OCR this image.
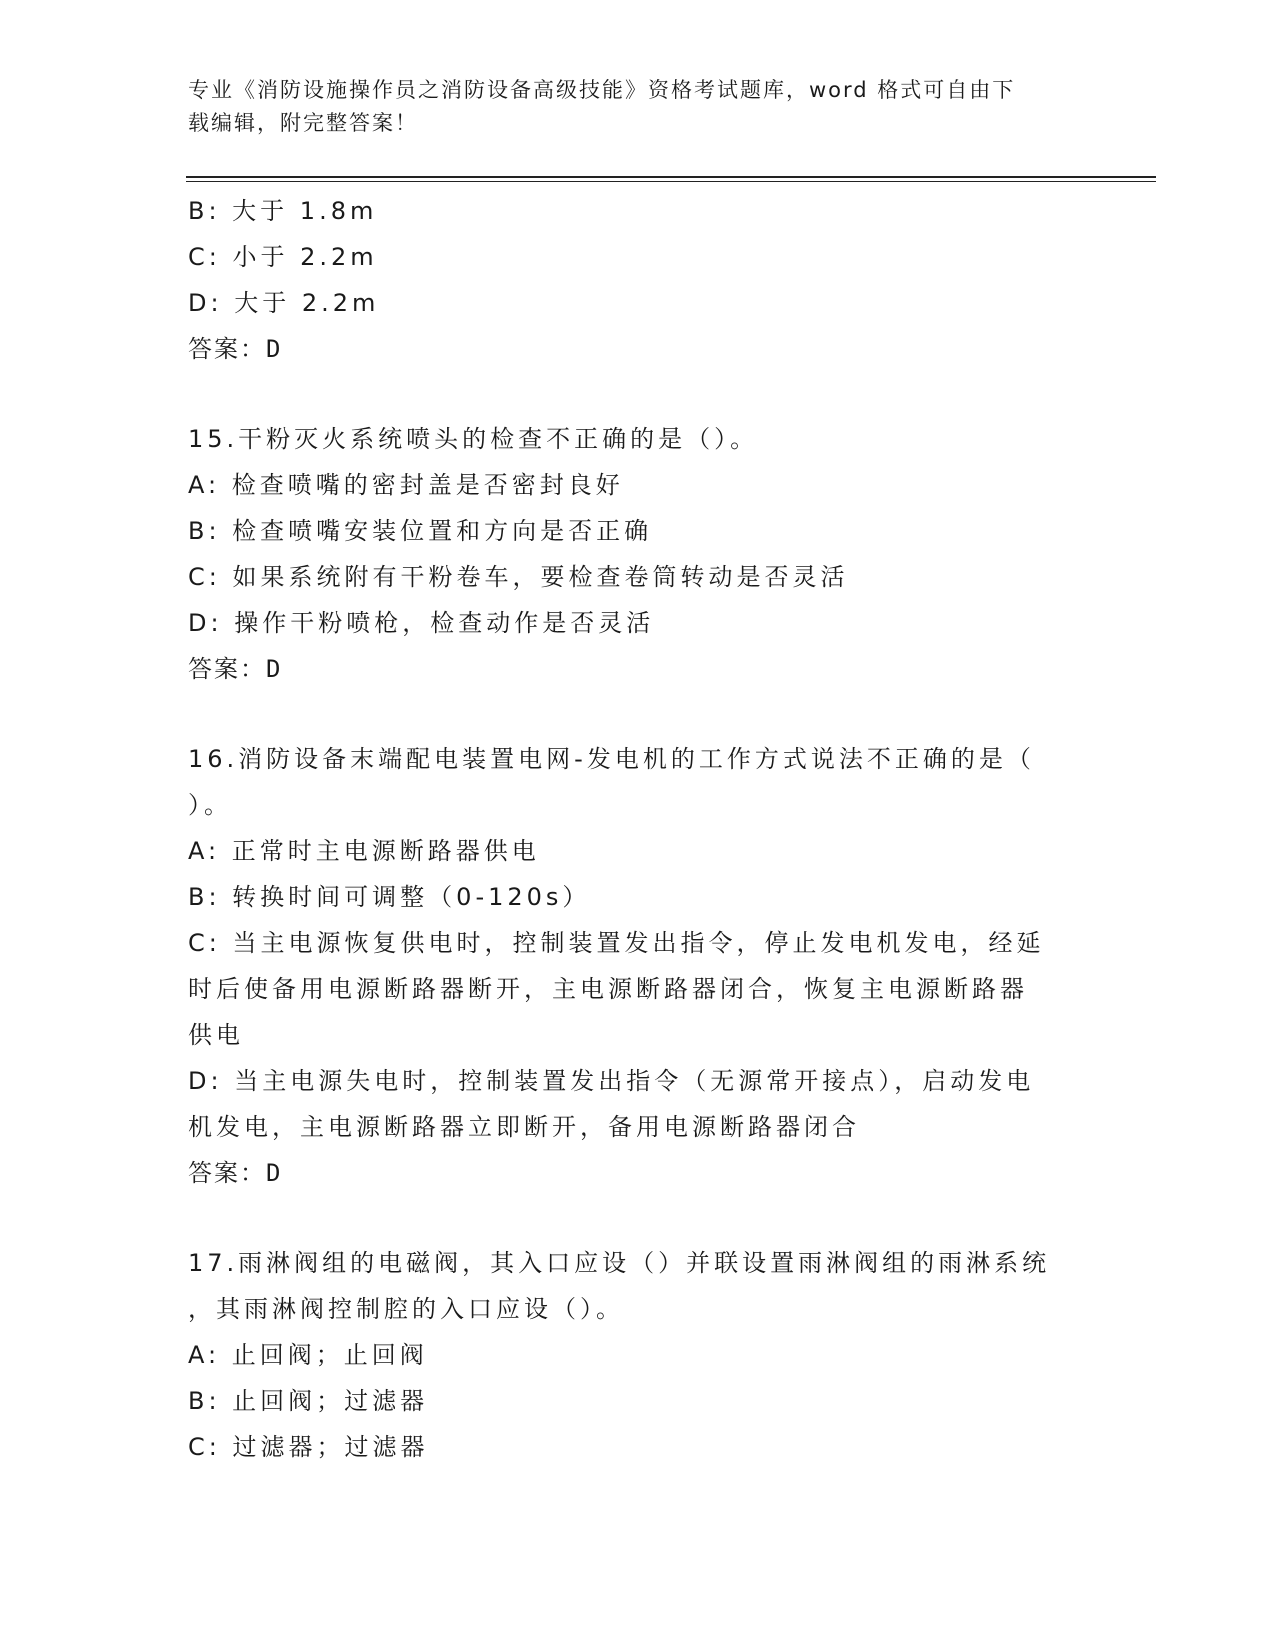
专业《消防设施操作员之消防设备高级技能》资格考试题库，word 格式可自由下
载编辑，附完整答案！
B: 大于 1.8m
C: 小于 2.2m
D: 大于 2.2m
答案：D
15.干粉灭火系统喷头的检查不正确的是（）。
A: 检查喷嘴的密封盖是否密封良好
B: 检查喷嘴安装位置和方向是否正确
C: 如果系统附有干粉卷车，要检查卷筒转动是否灵活
D: 操作干粉喷枪，检查动作是否灵活
答案：D
16.消防设备末端配电装置电网-发电机的工作方式说法不正确的是（
）。
A: 正常时主电源断路器供电
B: 转换时间可调整（0-120s）
C: 当主电源恢复供电时，控制装置发出指令，停止发电机发电，经延
时后使备用电源断路器断开，主电源断路器闭合，恢复主电源断路器
供电
D: 当主电源失电时，控制装置发出指令（无源常开接点），启动发电
机发电，主电源断路器立即断开，备用电源断路器闭合
答案：D
17.雨淋阀组的电磁阀，其入口应设（）并联设置雨淋阀组的雨淋系统
，其雨淋阀控制腔的入口应设（）。
A: 止回阀；止回阀
B: 止回阀；过滤器
C: 过滤器；过滤器
